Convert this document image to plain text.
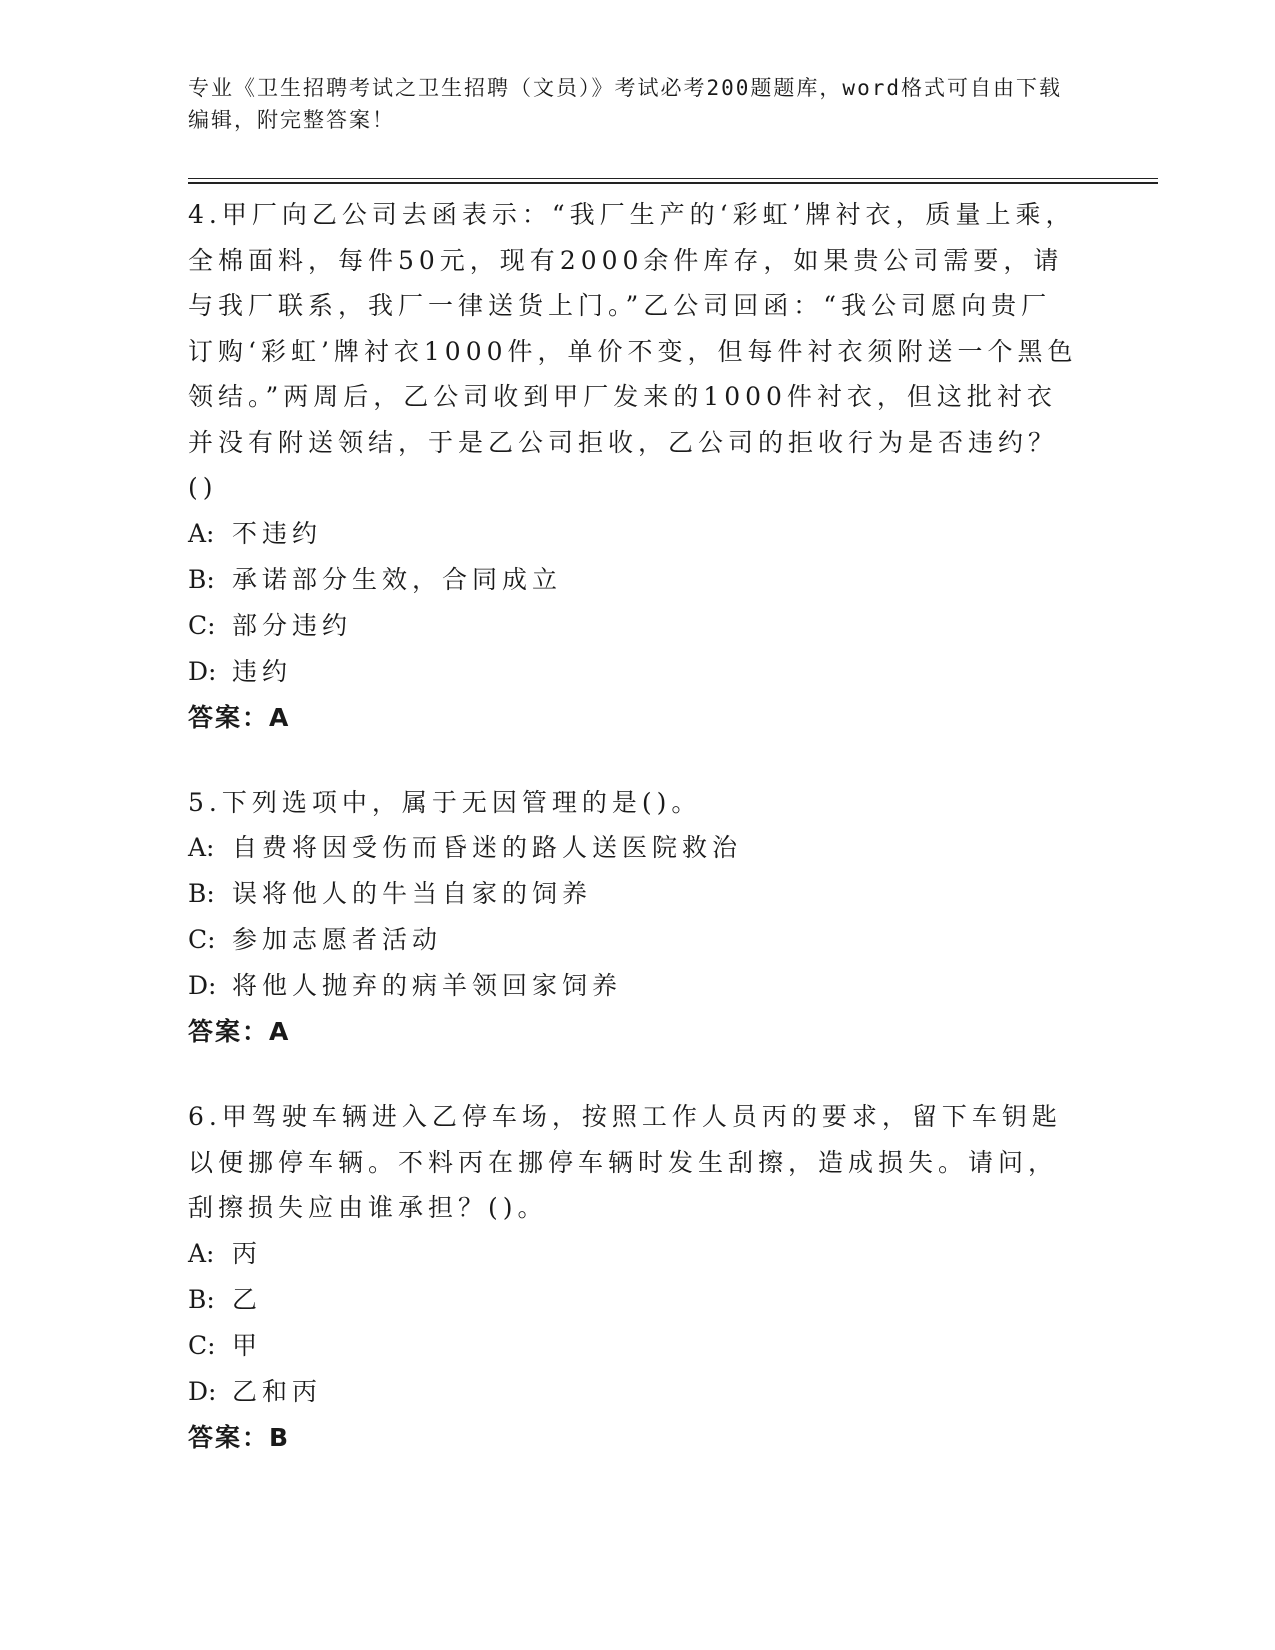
专业《卫生招聘考试之卫生招聘（文员）》考试必考200题题库，word格式可自由下载编辑，附完整答案！

4.甲厂向乙公司去函表示：“我厂生产的‘彩虹’牌衬衣，质量上乘，全棉面料，每件50元，现有2000余件库存，如果贵公司需要，请与我厂联系，我厂一律送货上门。”乙公司回函：“我公司愿向贵厂订购‘彩虹’牌衬衣1000件，单价不变，但每件衬衣须附送一个黑色领结。”两周后，乙公司收到甲厂发来的1000件衬衣，但这批衬衣并没有附送领结，于是乙公司拒收，乙公司的拒收行为是否违约？()

A: 不违约

B: 承诺部分生效，合同成立

C: 部分违约

D: 违约

答案：A

5.下列选项中，属于无因管理的是()。

A: 自费将因受伤而昏迷的路人送医院救治

B: 误将他人的牛当自家的饲养

C: 参加志愿者活动

D: 将他人抛弃的病羊领回家饲养

答案：A

6.甲驾驶车辆进入乙停车场，按照工作人员丙的要求，留下车钥匙以便挪停车辆。不料丙在挪停车辆时发生刮擦，造成损失。请问，刮擦损失应由谁承担？()。

A: 丙

B: 乙

C: 甲

D: 乙和丙

答案：B
